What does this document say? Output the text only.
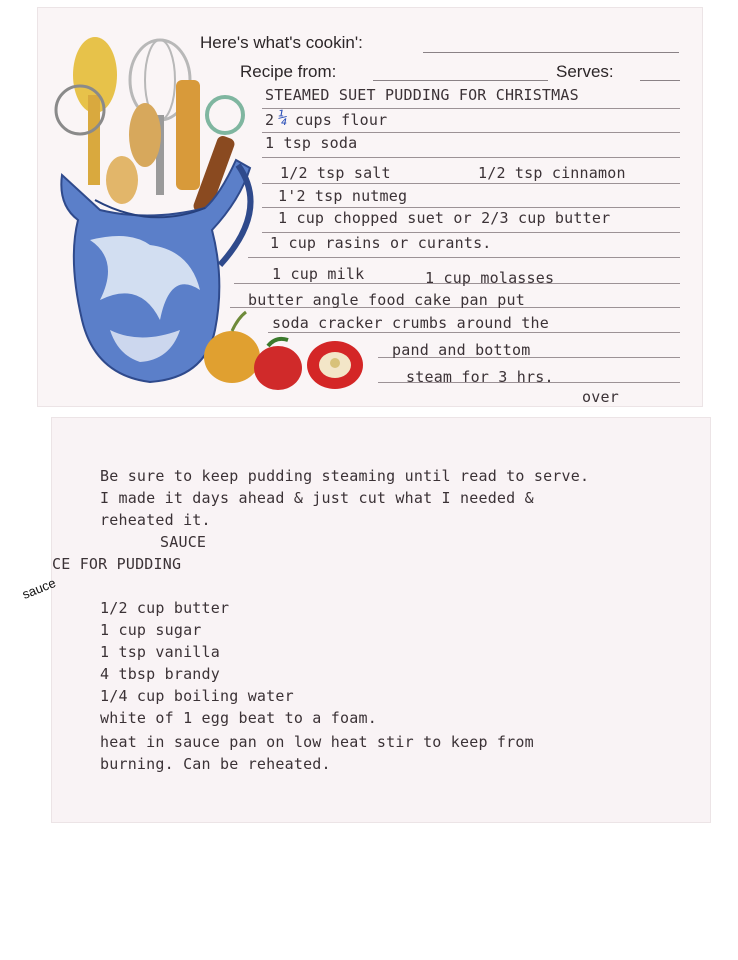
Here's what's cookin':
Recipe from:	Serves:
STEAMED SUET PUDDING FOR CHRISTMAS
2 ¼ cups flour
1 tsp soda
1/2 tsp salt	1/2 tsp cinnamon
1'2 tsp nutmeg
1 cup chopped suet or 2/3 cup butter
1 cup rasins or curants.
1 cup milk	1 cup molasses
butter angle food cake pan put
soda cracker crumbs around the
pand and bottom
steam for 3 hrs.
over
Be sure to keep pudding steaming until read to serve.
I made it days ahead & just cut what I needed &
reheated it.
SAUCE
CE FOR PUDDING
1/2 cup butter
1 cup sugar
1 tsp vanilla
4 tbsp brandy
1/4 cup boiling water
white of 1 egg beat to a foam.
heat in sauce pan on low heat stir to keep from
burning. Can be reheated.
sauce
